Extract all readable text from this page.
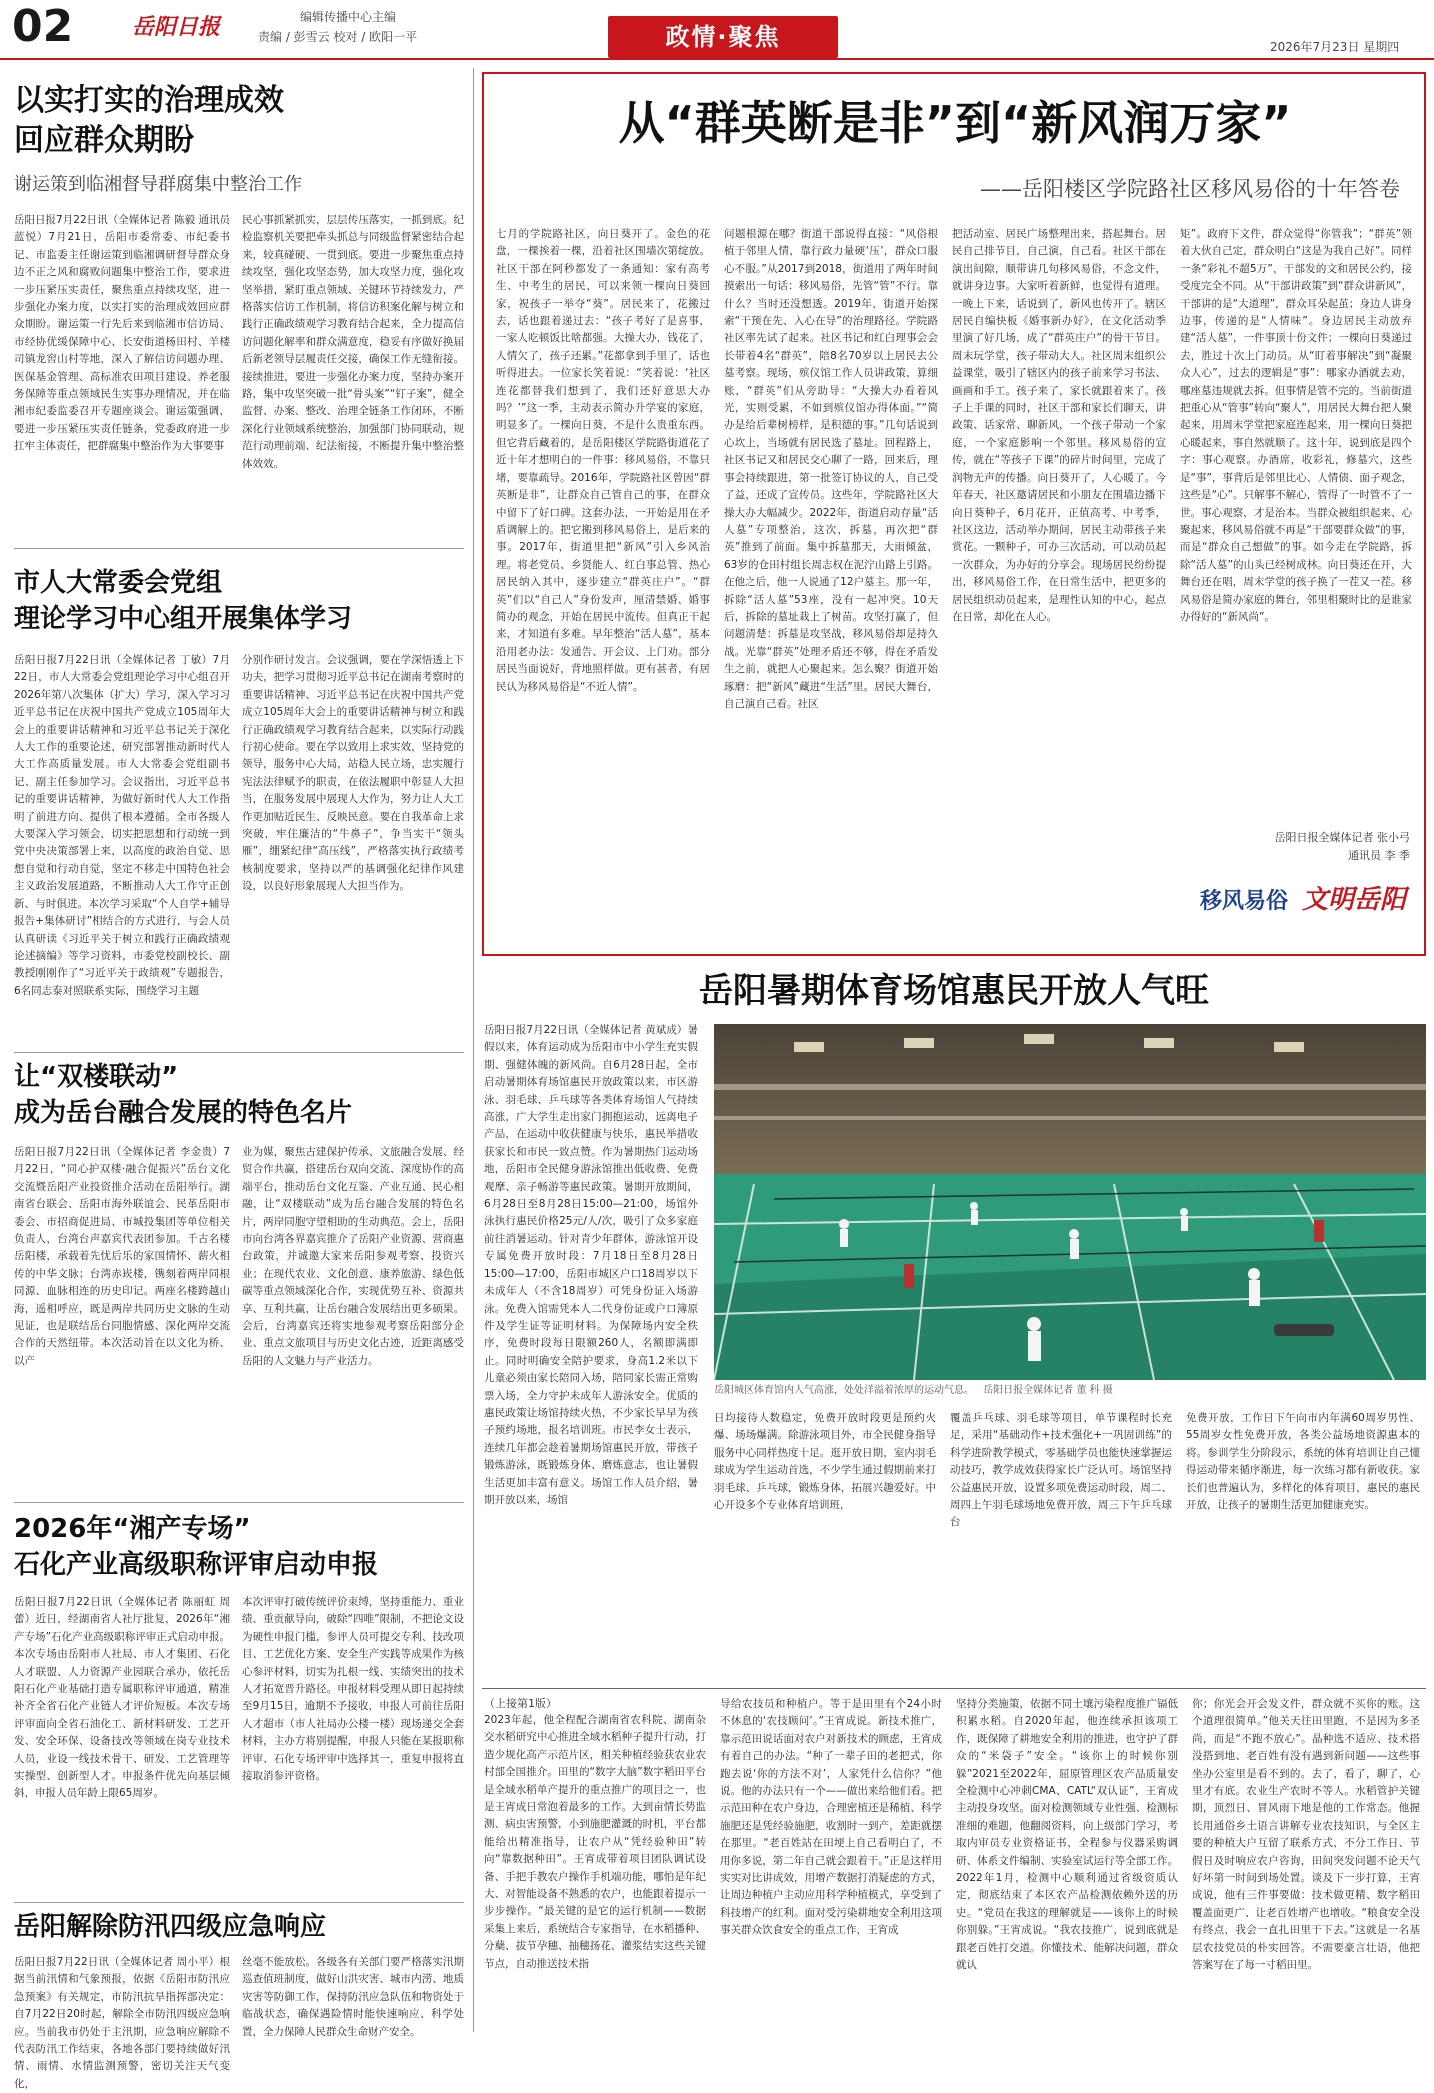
02	岳阳日报	编辑传播中心主编
责编 / 彭雪云 校对 / 欧阳一平	政情·聚焦	2026年7月23日 星期四
以实打实的治理成效
回应群众期盼
谢运策到临湘督导群腐集中整治工作
岳阳日报7月22日讯（全媒体记者 陈毅 通讯员 蓝悦）7月21日，岳阳市委常委、市纪委书记、市监委主任谢运策到临湘调研督导群众身边不正之风和腐败问题集中整治工作，要求进一步压紧压实责任，聚焦重点持续攻坚，进一步强化办案力度，以实打实的治理成效回应群众期盼。谢运策一行先后来到临湘市信访局、市经协优缓保障中心、长安街道杨田村、羊楼司镇龙窖山村等地，深入了解信访问题办理、医保基金管理、高标准农田项目建设、养老服务保障等重点领域民生实事办理情况，并在临湘市纪委监委召开专题座谈会。谢运策强调，要进一步压紧压实责任链条，党委政府进一步扛牢主体责任，把群腐集中整治作为大事要事
民心事抓紧抓实，层层传压落实，一抓到底。纪检监察机关要把牵头抓总与同级监督紧密结合起来，较真碰硬、一贯到底。要进一步聚焦重点持续攻坚，强化攻坚态势，加大攻坚力度，强化攻坚举措，紧盯重点领域、关键环节持续发力，严格落实信访工作机制，将信访积案化解与树立和践行正确政绩观学习教育结合起来，全力提高信访问题化解率和群众满意度，稳妥有序做好换届后新老领导层履责任交接，确保工作无缝衔接。接续推进，要进一步强化办案力度，坚持办案开路，集中攻坚突破一批“骨头案”“钉子案”，健全监督、办案、整改、治理全链条工作闭环，不断深化行业领域系统整治，加强部门协同联动，规范行动理前端、纪法衔接，不断提升集中整治整体效效。
市人大常委会党组
理论学习中心组开展集体学习
岳阳日报7月22日讯（全媒体记者 丁敏）7月22日，市人大常委会党组理论学习中心组召开2026年第八次集体（扩大）学习，深入学习习近平总书记在庆祝中国共产党成立105周年大会上的重要讲话精神和习近平总书记关于深化人大工作的重要论述，研究部署推动新时代人大工作高质量发展。市人大常委会党组副书记、副主任参加学习。会议指出，习近平总书记的重要讲话精神，为做好新时代人大工作指明了前进方向、提供了根本遵循。全市各级人大要深入学习领会，切实把思想和行动统一到党中央决策部署上来，以高度的政治自觉、思想自觉和行动自觉，坚定不移走中国特色社会主义政治发展道路，不断推动人大工作守正创新、与时俱进。本次学习采取“个人自学+辅导报告+集体研讨”相结合的方式进行，与会人员认真研读《习近平关于树立和践行正确政绩观论述摘编》等学习资料，市委党校副校长、副教授刚刚作了“习近平关于政绩观”专题报告，6名同志泰对照联系实际，围绕学习主题
分别作研讨发言。会议强调，要在学深悟透上下功夫，把学习贯彻习近平总书记在湖南考察时的重要讲话精神、习近平总书记在庆祝中国共产党成立105周年大会上的重要讲话精神与树立和践行正确政绩观学习教育结合起来，以实际行动践行初心使命。要在学以致用上求实效，坚持党的领导，服务中心大局，站稳人民立场，忠实履行宪法法律赋予的职责，在依法履职中彰显人大担当，在服务发展中展现人大作为，努力让人大工作更加贴近民生、反映民意。要在自我革命上求突破，牢住廉洁的“牛鼻子”，争当实干“领头雁”，绷紧纪律“高压线”，严格落实执行政绩考核制度要求，坚持以严的基调强化纪律作风建设，以良好形象展现人大担当作为。
让“双楼联动”
成为岳台融合发展的特色名片
岳阳日报7月22日讯（全媒体记者 李金贵）7月22日，“同心护双楼·融合促振兴”岳台文化交流暨岳阳产业投资推介活动在岳阳举行。湖南省台联会、岳阳市海外联谊会、民革岳阳市委会、市招商促进局、市城投集团等单位相关负责人，台湾台声嘉宾代表团参加。千古名楼岳阳楼，承载着先忧后乐的家国情怀、薪火相传的中华文脉；台湾赤崁楼，镌刻着两岸同根同源、血脉相连的历史印记。两座名楼跨越山海，遥相呼应，既是两岸共同历史文脉的生动见证，也是联结岳台同胞情感、深化两岸交流合作的天然纽带。本次活动旨在以文化为桥、以产
业为媒，聚焦古建保护传承、文旅融合发展、经贸合作共赢，搭建岳台双向交流、深度协作的高端平台，推动岳台文化互鉴、产业互通、民心相融，让“双楼联动”成为岳台融合发展的特色名片，两岸同胞守望相助的生动典范。会上，岳阳市向台湾各界嘉宾推介了岳阳产业资源、营商惠台政策，并诚邀大家来岳阳参观考察、投资兴业；在现代农业、文化创意、康养旅游、绿色低碳等重点领域深化合作，实现优势互补、资源共享、互利共赢，让岳台融合发展结出更多硕果。会后，台湾嘉宾还将实地参观考察岳阳部分企业、重点文旅项目与历史文化古迹，近距离感受岳阳的人文魅力与产业活力。
2026年“湘产专场”
石化产业高级职称评审启动申报
岳阳日报7月22日讯（全媒体记者 陈丽虹 周 蕾）近日，经湖南省人社厅批复，2026年“湘产专场”石化产业高级职称评审正式启动申报。本次专场由岳阳市人社局、市人才集团、石化人才联盟、人力资源产业园联合承办，依托岳阳石化产业基础打造专属职称评审通道，精准补齐全省石化产业链人才评价短板。本次专场评审面向全省石油化工、新材料研发、工艺开发、安全环保、设备技改等领域在岗专业技术人员，业设一线技术骨干、研发、工艺管理等实操型、创新型人才。申报条件优先向基层倾斜，申报人员年龄上限65周岁。
本次评审打破传统评价束缚，坚持重能力、重业绩、重贡献导向，破除“四唯”限制，不把论文设为硬性申报门槛，参评人员可提交专利、技改项目、工艺优化方案、安全生产实践等成果作为核心参评材料，切实为扎根一线、实绩突出的技术人才拓宽晋升路径。申报材料受理从即日起持续至9月15日，逾期不予接收，申报人可前往岳阳人才超市（市人社局办公楼一楼）现场递交全套材料，主办方将别提醒，申报人只能在某报职称评审、石化专场评审中选择其一，重复申报将直接取消参评资格。
岳阳解除防汛四级应急响应
岳阳日报7月22日讯（全媒体记者 周小平）根据当前汛情和气象预报，依据《岳阳市防汛应急预案》有关规定，市防汛抗旱指挥部决定：自7月22日20时起，解除全市防汛四级应急响应。当前我市仍处于主汛期，应急响应解除不代表防汛工作结束，各地各部门要持续做好汛情、雨情、水情监测预警，密切关注天气变化，
丝毫不能放松。各级各有关部门要严格落实汛期巡查值班制度，做好山洪灾害、城市内涝、地质灾害等防御工作，保持防汛应急队伍和物资处于临战状态，确保遇险情时能快速响应、科学处置，全力保障人民群众生命财产安全。
从“群英断是非”到“新风润万家”
——岳阳楼区学院路社区移风易俗的十年答卷
七月的学院路社区，向日葵开了。金色的花盘，一棵挨着一棵，沿着社区围墙次第绽放。社区干部在阿秒都发了一条通知：家有高考生、中考生的居民，可以来领一棵向日葵回家，祝孩子一举夺“葵”。居民来了，花搬过去，话也跟着递过去：“孩子考好了是喜事，一家人吃顿饭比啥都强。大操大办，钱花了，人情欠了，孩子还累。”花都拿到手里了，话也听得进去。一位家长笑着说：“笑着说：‘社区连花都替我们想到了，我们还好意思大办吗？’”这一季，主动表示简办升学宴的家庭，明显多了。一棵向日葵，不是什么贵重东西。但它背后藏着的，是岳阳楼区学院路街道花了近十年才想明白的一件事：移风易俗，不靠只堵，要靠疏导。2016年，学院路社区曾因“群英断是非”，让群众自己管自己的事，在群众中留下了好口碑。这套办法，一开始是用在矛盾调解上的。把它搬到移风易俗上，是后来的事。2017年，街道里把“新风”引入乡风治理。将老党员、乡贤能人、红白事总管、热心居民纳入其中，逐步建立“群英庄户”。“群英”们以“自己人”身份发声，厘清禁婚、婚事简办的观念，开始在居民中流传。但真正干起来，才知道有多难。早年整治“活人墓”，基本沿用老办法：发通告、开会议、上门劝。部分居民当面说好，背地照样做。更有甚者，有居民认为移风易俗是“不近人情”。
问题根源在哪？街道干部说得直接：“风俗根植于邻里人情，靠行政力量硬‘压’，群众口服心不服。”从2017到2018，街道用了两年时间摸索出一句话：移风易俗，先管“管”不行。靠什么？当时还没想透。2019年，街道开始探索“干预在先、入心在导”的治理路径。学院路社区率先试了起来。社区书记和红白理事会会长带着4名“群英”，陪8名70岁以上居民去公墓考察。现场，殡仪馆工作人员讲政策，算细账，“群英”们从旁助导：“大操大办看着风光，实则受累，不如到殡仪馆办得体面。”“简办是给后辈树榜样，是积德的事。”几句话说到心坎上，当场就有居民选了墓址。回程路上，社区书记又和居民交心聊了一路，回来后，理事会持续跟进，第一批签订协议的人，自己受了益，还成了宣传员。这些年，学院路社区大操大办大幅减少。2022年，街道启动存量“活人墓”专项整治，这次，拆墓，再次把“群英”推到了前面。集中拆墓那天，大雨倾盆，63岁的仓田村组长周志权在泥泞山路上引路。在他之后，他一人说通了12户墓主。那一年，拆除“活人墓”53座，没有一起冲突。10天后，拆除的墓址栽上了树苗。攻坚打赢了，但问题清楚：拆墓是攻坚战，移风易俗却是持久战。光靠“群英”处理矛盾还不够，得在矛盾发生之前，就把人心聚起来。怎么聚？街道开始琢磨：把“新风”藏进“生活”里。居民大舞台，自己演自己看。社区
把活动室、居民广场整理出来，搭起舞台。居民自己排节目，自己演，自己看。社区干部在演出间隙，顺带讲几句移风易俗，不念文件，就讲身边事。大家听着新鲜，也觉得有道理。一晚上下来，话说到了，新风也传开了。辖区居民自编快板《婚事新办好》，在文化活动季里演了好几场，成了“群英庄户”的骨干节目。周末玩学堂，孩子带动大人。社区周末组织公益课堂，吸引了辖区内的孩子前来学习书法、画画和手工。孩子来了，家长就跟着来了。孩子上手课的同时，社区干部和家长们聊天，讲政策、话家常、聊新风，一个孩子带动一个家庭，一个家庭影响一个邻里。移风易俗的宣传，就在“等孩子下课”的碎片时间里，完成了润物无声的传播。向日葵开了，人心暖了。今年春天，社区邀请居民和小朋友在围墙边播下向日葵种子，6月花开，正值高考、中考季，社区这边，活动举办期间，居民主动带孩子来赏花。一颗种子，可办三次活动，可以动员起一次群众，为办好的分享会。现场居民纷纷提出，移风易俗工作，在日常生活中，把更多的居民组织动员起来，是理性认知的中心，起点在日常，却化在人心。
矩”。政府下文件，群众觉得“你管我”；“群英”领着大伙自己定，群众明白“这是为我自己好”。同样一条“彩礼不超5万”，干部发的文和居民公约，接受度完全不同。从“干部讲政策”到“群众讲新风”，干部讲的是“大道理”，群众耳朵起茧；身边人讲身边事，传递的是“人情味”。身边居民主动放弃建“活人墓”，一件事顶十份文件；一棵向日葵递过去，胜过十次上门动员。从“盯着事解决”到“凝聚众人心”，过去的逻辑是“事”：哪家办酒就去劝，哪座墓违规就去拆。但事情是管不完的。当前街道把重心从“管事”转向“聚人”，用居民大舞台把人聚起来，用周末学堂把家庭连起来，用一棵向日葵把心暖起来，事自然就顺了。这十年，说到底是四个字：事心观察。办酒席，收彩礼，修墓穴，这些是“事”，事背后是邻里比心、人情债、面子观念，这些是“心”。只解事不解心，管得了一时管不了一世。事心观察，才是治本。当群众被组织起来、心聚起来，移风易俗就不再是“干部要群众做”的事，而是“群众自己想做”的事。如今走在学院路，拆除“活人墓”的山头已经树成林。向日葵还在开，大舞台还在唱，周末学堂的孩子换了一茬又一茬。移风易俗是简办家庭的舞台，邻里相聚时比的是谁家办得好的“新风尚”。
岳阳日报全媒体记者 张小弓
通讯员 李 季
移风易俗 文明岳阳
岳阳暑期体育场馆惠民开放人气旺
岳阳日报7月22日讯（全媒体记者 黄斌成）暑假以来，体育运动成为岳阳市中小学生充实假期、强健体魄的新风尚。自6月28日起，全市启动暑期体育场馆惠民开放政策以来，市区游泳、羽毛球、乒乓球等各类体育场馆人气持续高涨，广大学生走出家门拥抱运动，远离电子产品，在运动中收获健康与快乐，惠民举措收获家长和市民一致点赞。作为暑期热门运动场地，岳阳市全民健身游泳馆推出低收费、免费观摩、亲子畅游等惠民政策。暑期开放期间，6月28日至8月28日15:00—21:00，场馆外泳执行惠民价格25元/人/次，吸引了众多家庭前往消暑运动。针对青少年群体，游泳馆开设专属免费开放时段：7月18日至8月28日15:00—17:00，岳阳市城区户口18周岁以下未成年人（不含18周岁）可凭身份证入场游泳。免费入馆需凭本人二代身份证或户口簿原件及学生证等证明材料。为保障场内安全秩序，免费时段每日限额260人，名额即满即止。同时明确安全陪护要求，身高1.2米以下儿童必须由家长陪同入场，陪同家长需正常购票入场，全力守护未成年人游泳安全。优质的惠民政策让场馆持续火热，不少家长早早为孩子预约场地，报名培训班。市民李女士表示，连续几年都会趁着暑期场馆惠民开放，带孩子锻炼游泳，既锻炼身体、磨炼意志，也让暑假生活更加丰富有意义。场馆工作人员介绍，暑期开放以来，场馆
岳阳城区体育馆内人气高涨，处处洋溢着浓厚的运动气息。 岳阳日报全媒体记者 董 科 摄
日均接待人数稳定，免费开放时段更是预约火爆、场场爆满。除游泳项目外，市全民健身指导服务中心同样热度十足。逛开放日期，室内羽毛球成为学生运动首选，不少学生通过假期前来打羽毛球、乒乓球，锻炼身体，拓展兴趣爱好。中心开设多个专业体育培训班，
覆盖乒乓球、羽毛球等项目，单节课程时长充足，采用“基础动作+技术强化+一巩固训练”的科学进阶教学模式，零基础学员也能快速掌握运动技巧，教学成效获得家长广泛认可。场馆坚持公益惠民开放，设置多项免费运动时段，周二、周四上午羽毛球场地免费开放，周三下午乒乓球台
免费开放，工作日下午向市内年满60周岁男性、55周岁女性免费开放，各类公益场地资源惠本的将。参训学生分阶段示，系统的体育培训让自己懂得运动带来循序渐进，每一次练习都有新收获。家长们也普遍认为，多样化的体育项目，惠民的惠民开放，让孩子的暑期生活更加健康充实。
（上接第1版）
2023年起，他全程配合湖南省农科院、湖南杂交水稻研究中心推进全域水稻种子提升行动，打造少规化高产示范片区，相关种植经验获农业农村部全国推介。田里的“数字大脑”数字稻田平台是全域水稻单产提升的重点推广的项目之一，也是王宵成日常泡着最多的工作。大到亩情长势监测、病虫害预警，小到施肥灌溉的时机，平台都能给出精准指导，让农户从“凭经验种田”转向“靠数据种田”。王宵成带着项目团队调试设备、手把手教农户操作手机端功能，哪怕是年纪大、对智能设备不熟悉的农户，也能跟着提示一步步操作。“最关键的是它的运行机制——数据采集上来后，系统结合专家指导，在水稻播种、分蘖、拔节孕穗、抽穗扬花、灌浆结实这些关键节点，自动推送技术指
导给农技员和种植户。等于是田里有个24小时不休息的‘农技顾问’。”王宵成说。新技术推广，靠示范田说话面对农户对新技术的顾虑，王宵成有着自己的办法。“种了一辈子田的老把式，你跑去说‘你的方法不对’，人家凭什么信你？”他说。他的办法只有一个——做出来给他们看。把示范田种在农户身边，合理密植还是稀植、科学施肥还是凭经验施肥，收割时一到产，差距就摆在那里。“老百姓站在田埂上自己看明白了，不用你多说，第二年自己就会跟着干。”正是这样用实实对比讲成效，用增产数据打消疑虑的方式，让周边种植户主动应用科学种植模式，享受到了科技增产的红利。面对受污染耕地安全利用这项事关群众饮食安全的重点工作，王宵成
坚持分类施策，依据不同土壤污染程度推广镉低积累水稻。自2020年起，他连续承担该项工作，既保障了耕地安全利用的推进，也守护了群众的“米袋子”安全。“该你上的时候你别躲”2021至2022年，屈原管理区农产品质量安全检测中心冲刺CMA、CATL“双认证”，王宵成主动投身攻坚。面对检测领域专业性强、检测标准细的难题，他翻阅资料，向上级部门学习，考取内审员专业资格证书，全程参与仪器采购调研、体系文件编制、实验室试运行等全部工作。2022年1月，检测中心顺利通过省级资质认定，彻底结束了本区农产品检测依赖外送的历史。“党员在我这的理解就是——该你上的时候你别躲。”王宵成说。“我农技推广，说到底就是跟老百姓打交道。你懂技术、能解决问题，群众就认
你；你光会开会发文件，群众就不买你的账。这个道理很简单。”他关天往田里跑，不是因为多圣尚，而是“不跑不放心”。晶种选不适应、技术搭没搭到地、老百姓有没有遇到新问题——这些事坐办公室里是看不到的。去了，看了，聊了，心里才有底。农业生产农时不等人。水稻管护关键期，顶烈日、冒风雨下地是他的工作常态。他握长用通俗乡土语言讲解专业农技知识，与全区主要的种植大户互留了联系方式，不分工作日、节假日及时响应农户咨询，田间突发问题不论天气好坏第一时间到场处置。谈及下一步打算，王宵成说，他有三件事要做：技术做更精、数字稻田覆盖面更广、让老百姓增产也增收。“粮食安全没有终点，我会一直扎田里干下去。”这就是一名基层农技党员的朴实回答。不需要豪言壮语，他把答案写在了每一寸稻田里。
